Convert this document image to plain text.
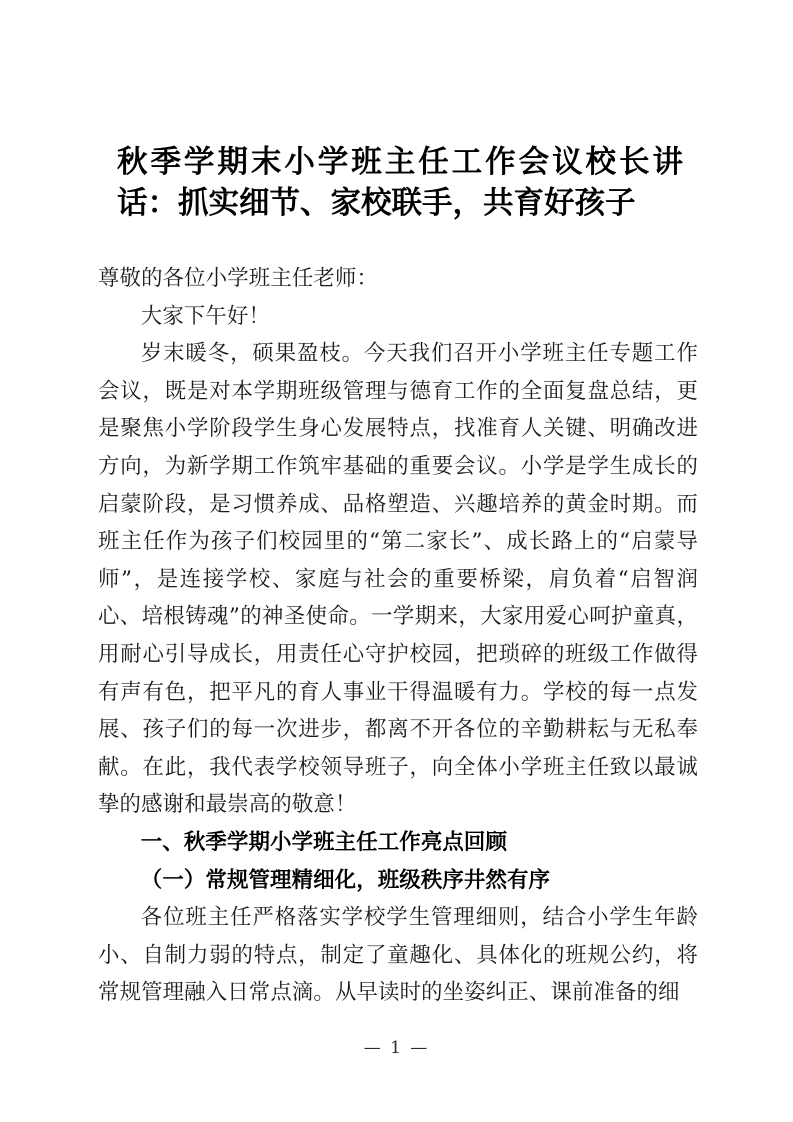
秋季学期末小学班主任工作会议校长讲话：抓实细节、家校联手，共育好孩子

尊敬的各位小学班主任老师：

大家下午好！

岁末暖冬，硕果盈枝。今天我们召开小学班主任专题工作会议，既是对本学期班级管理与德育工作的全面复盘总结，更是聚焦小学阶段学生身心发展特点，找准育人关键、明确改进方向，为新学期工作筑牢基础的重要会议。小学是学生成长的启蒙阶段，是习惯养成、品格塑造、兴趣培养的黄金时期。而班主任作为孩子们校园里的“第二家长”、成长路上的“启蒙导师”，是连接学校、家庭与社会的重要桥梁，肩负着“启智润心、培根铸魂”的神圣使命。一学期来，大家用爱心呵护童真，用耐心引导成长，用责任心守护校园，把琐碎的班级工作做得有声有色，把平凡的育人事业干得温暖有力。学校的每一点发展、孩子们的每一次进步，都离不开各位的辛勤耕耘与无私奉献。在此，我代表学校领导班子，向全体小学班主任致以最诚挚的感谢和最崇高的敬意！

一、秋季学期小学班主任工作亮点回顾

（一）常规管理精细化，班级秩序井然有序

各位班主任严格落实学校学生管理细则，结合小学生年龄小、自制力弱的特点，制定了童趣化、具体化的班规公约，将常规管理融入日常点滴。从早读时的坐姿纠正、课前准备的细

— 1 —
